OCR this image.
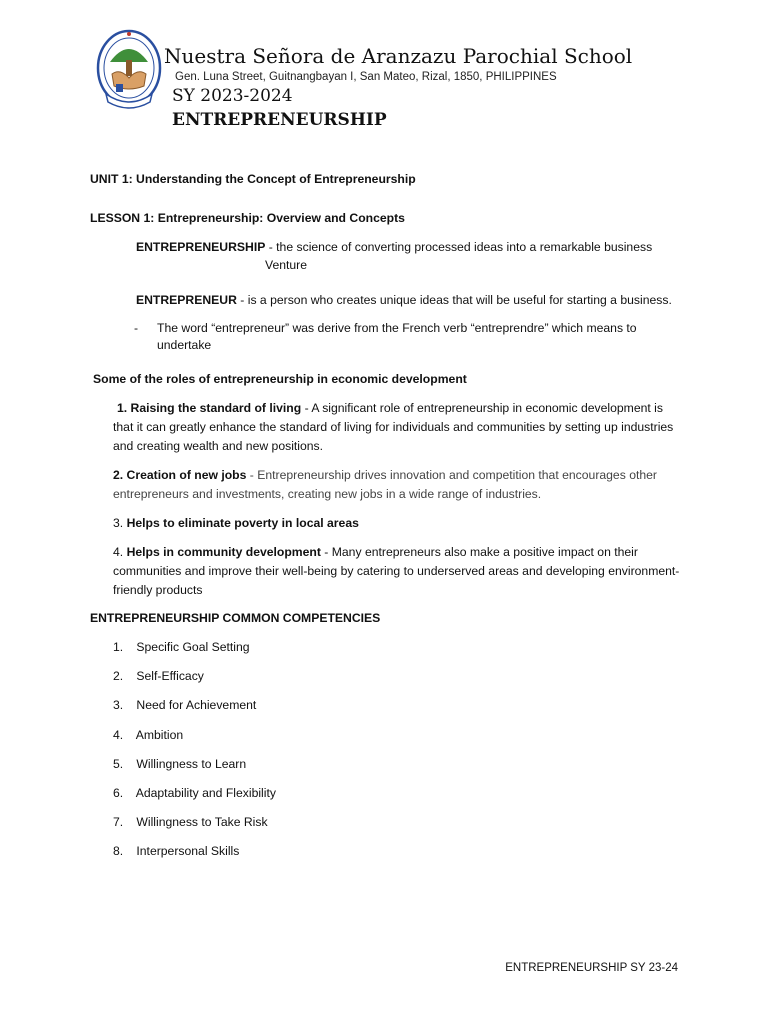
Nuestra Señora de Aranzazu Parochial School
Gen. Luna Street, Guitnangbayan I, San Mateo, Rizal, 1850, PHILIPPINES
SY 2023-2024
ENTREPRENEURSHIP
UNIT 1: Understanding the Concept of Entrepreneurship
LESSON 1: Entrepreneurship: Overview and Concepts
ENTREPRENEURSHIP - the science of converting processed ideas into a remarkable business
Venture
ENTREPRENEUR - is a person who creates unique ideas that will be useful for starting a business.
- The word “entrepreneur” was derive from the French verb “entreprendre” which means to
undertake
Some of the roles of entrepreneurship in economic development
1. Raising the standard of living - A significant role of entrepreneurship in economic development is that it can greatly enhance the standard of living for individuals and communities by setting up industries and creating wealth and new positions.
2. Creation of new jobs - Entrepreneurship drives innovation and competition that encourages other entrepreneurs and investments, creating new jobs in a wide range of industries.
3. Helps to eliminate poverty in local areas
4. Helps in community development - Many entrepreneurs also make a positive impact on their communities and improve their well-being by catering to underserved areas and developing environment-friendly products
ENTREPRENEURSHIP COMMON COMPETENCIES
1. Specific Goal Setting
2. Self-Efficacy
3. Need for Achievement
4. Ambition
5. Willingness to Learn
6. Adaptability and Flexibility
7. Willingness to Take Risk
8. Interpersonal Skills
ENTREPRENEURSHIP SY 23-24
